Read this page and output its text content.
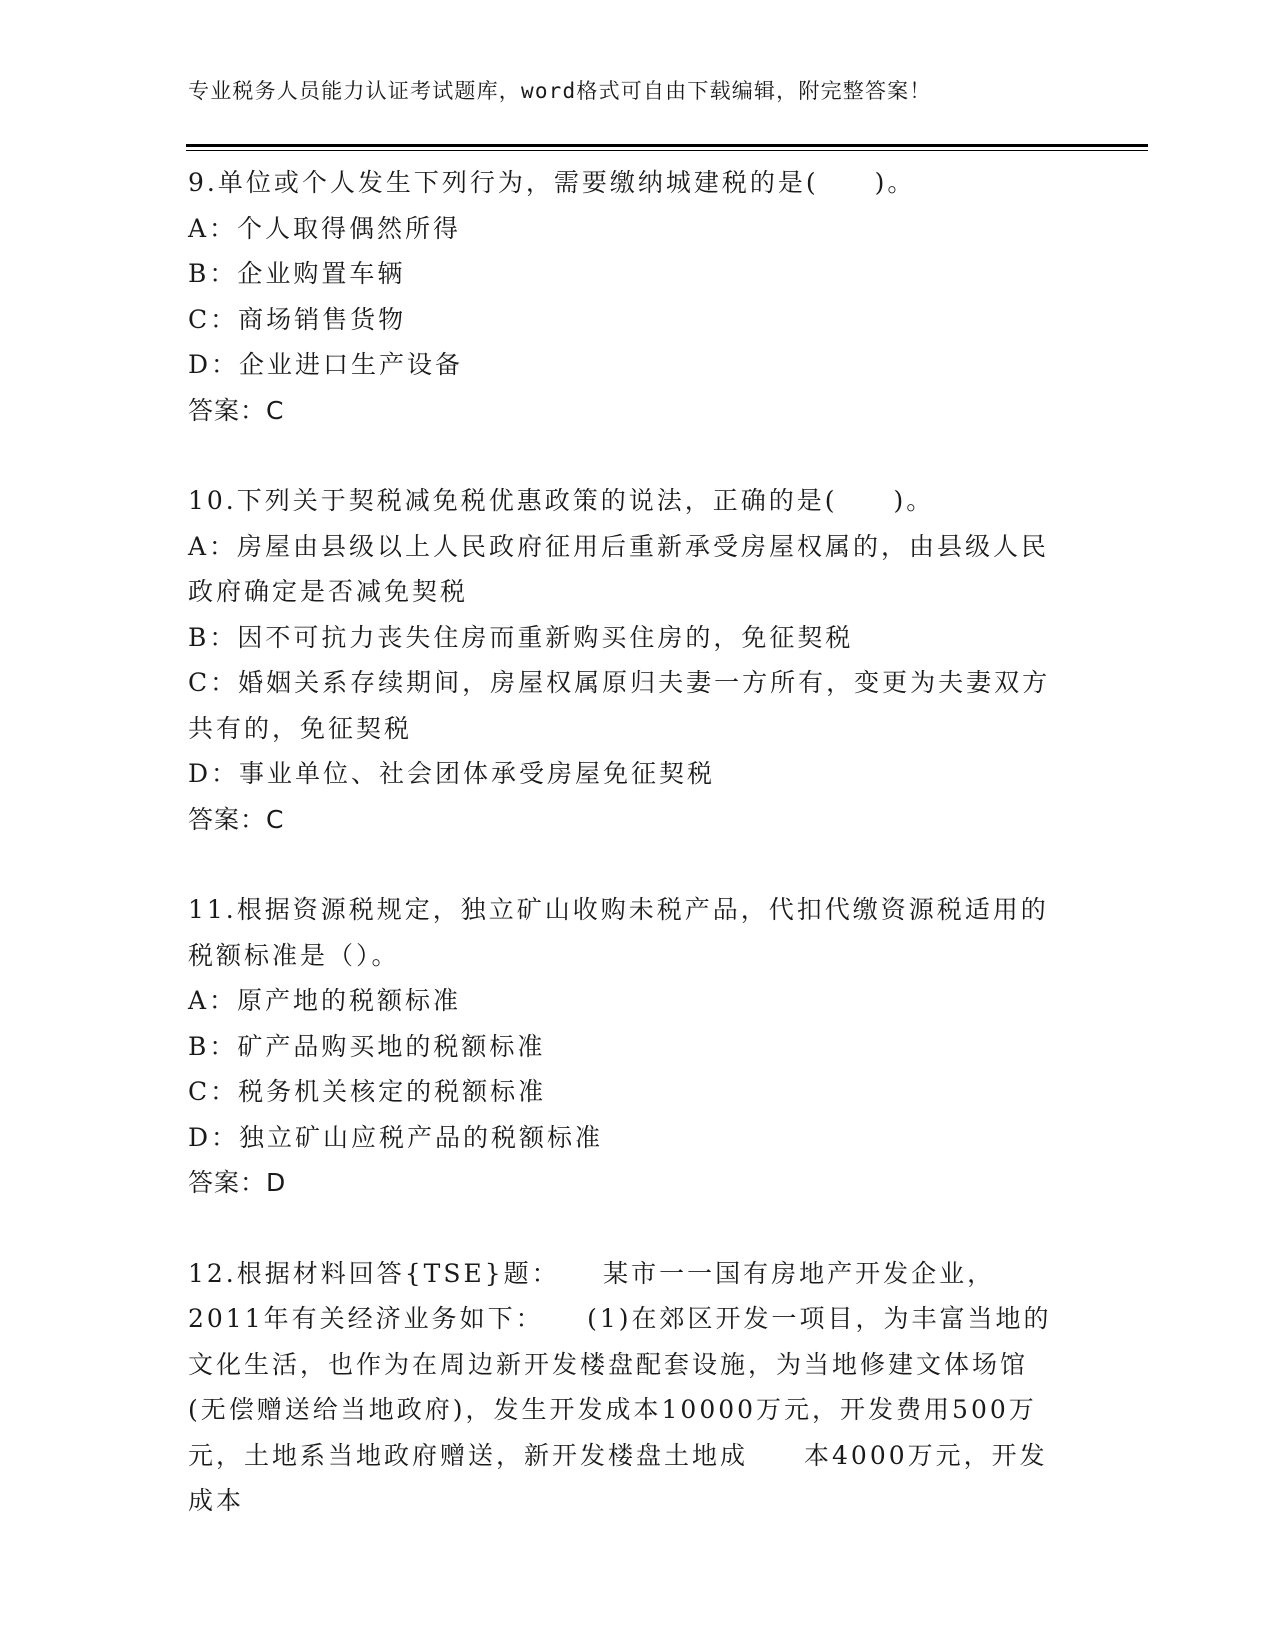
专业税务人员能力认证考试题库，word格式可自由下载编辑，附完整答案！
9.单位或个人发生下列行为，需要缴纳城建税的是(　　)。
A：个人取得偶然所得
B：企业购置车辆
C：商场销售货物
D：企业进口生产设备
答案：C
10.下列关于契税减免税优惠政策的说法，正确的是(　　)。
A：房屋由县级以上人民政府征用后重新承受房屋权属的，由县级人民政府确定是否减免契税
B：因不可抗力丧失住房而重新购买住房的，免征契税
C：婚姻关系存续期间，房屋权属原归夫妻一方所有，变更为夫妻双方共有的，免征契税
D：事业单位、社会团体承受房屋免征契税
答案：C
11.根据资源税规定，独立矿山收购未税产品，代扣代缴资源税适用的税额标准是（）。
A：原产地的税额标准
B：矿产品购买地的税额标准
C：税务机关核定的税额标准
D：独立矿山应税产品的税额标准
答案：D
12.根据材料回答{TSE}题：　　某市一一国有房地产开发企业，2011年有关经济业务如下：　　(1)在郊区开发一项目，为丰富当地的文化生活，也作为在周边新开发楼盘配套设施，为当地修建文体场馆(无偿赠送给当地政府)，发生开发成本10000万元，开发费用500万元，土地系当地政府赠送，新开发楼盘土地成　　本4000万元，开发成本
